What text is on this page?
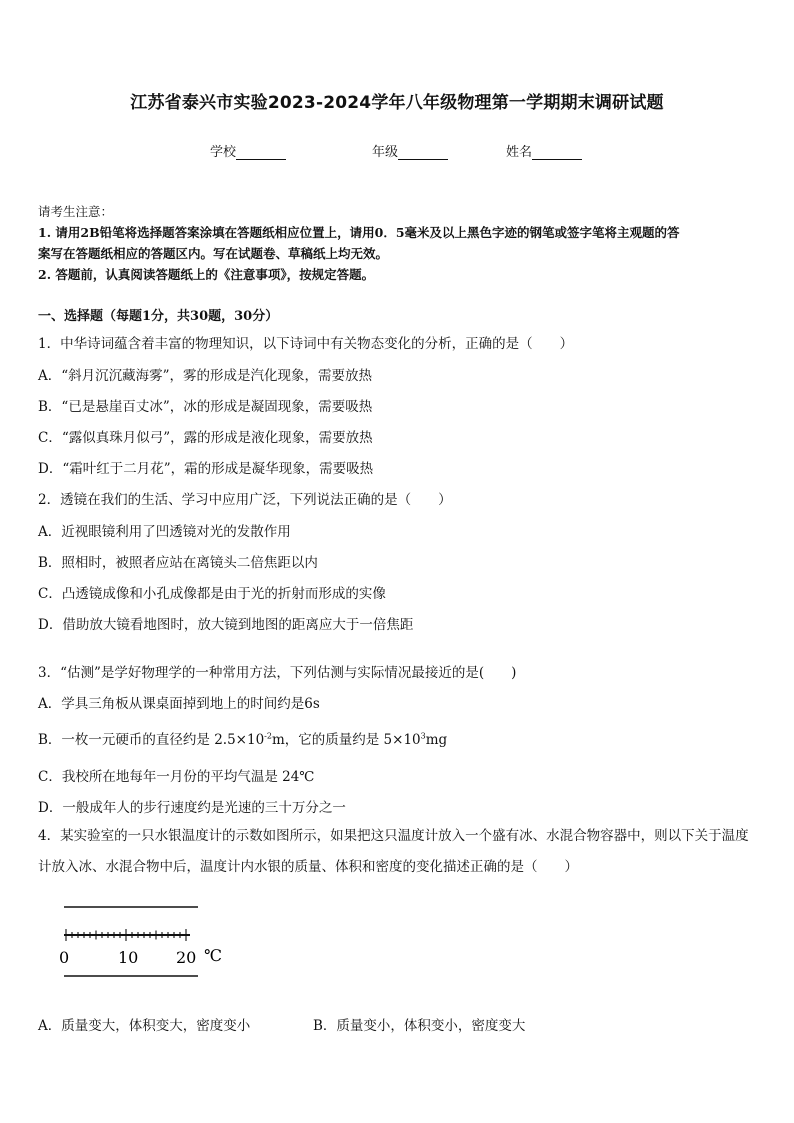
江苏省泰兴市实验2023-2024学年八年级物理第一学期期末调研试题
学校	年级	姓名
请考生注意：
1. 请用2B铅笔将选择题答案涂填在答题纸相应位置上，请用0．5毫米及以上黑色字迹的钢笔或签字笔将主观题的答
案写在答题纸相应的答题区内。写在试题卷、草稿纸上均无效。
2. 答题前，认真阅读答题纸上的《注意事项》，按规定答题。
一、选择题（每题1分，共30题，30分）
1．中华诗词蕴含着丰富的物理知识，以下诗词中有关物态变化的分析，正确的是（　　）
A．“斜月沉沉藏海雾”，雾的形成是汽化现象，需要放热
B．“已是悬崖百丈冰”，冰的形成是凝固现象，需要吸热
C．“露似真珠月似弓”，露的形成是液化现象，需要放热
D．“霜叶红于二月花”，霜的形成是凝华现象，需要吸热
2．透镜在我们的生活、学习中应用广泛，下列说法正确的是（　　）
A．近视眼镜利用了凹透镜对光的发散作用
B．照相时，被照者应站在离镜头二倍焦距以内
C．凸透镜成像和小孔成像都是由于光的折射而形成的实像
D．借助放大镜看地图时，放大镜到地图的距离应大于一倍焦距
3．“估测”是学好物理学的一种常用方法，下列估测与实际情况最接近的是(　　)
A．学具三角板从课桌面掉到地上的时间约是6s
B．一枚一元硬币的直径约是 $2.5\times 10^{-2}m$，它的质量约是 $5\times 10^3mg$
C．我校所在地每年一月份的平均气温是 24℃
D．一般成年人的步行速度约是光速的三十万分之一
4．某实验室的一只水银温度计的示数如图所示，如果把这只温度计放入一个盛有冰、水混合物容器中，则以下关于温度计放入冰、水混合物中后，温度计内水银的质量、体积和密度的变化描述正确的是（　　）
0	10 20 ℃
A．质量变大，体积变大，密度变小	B．质量变小，体积变小，密度变大
